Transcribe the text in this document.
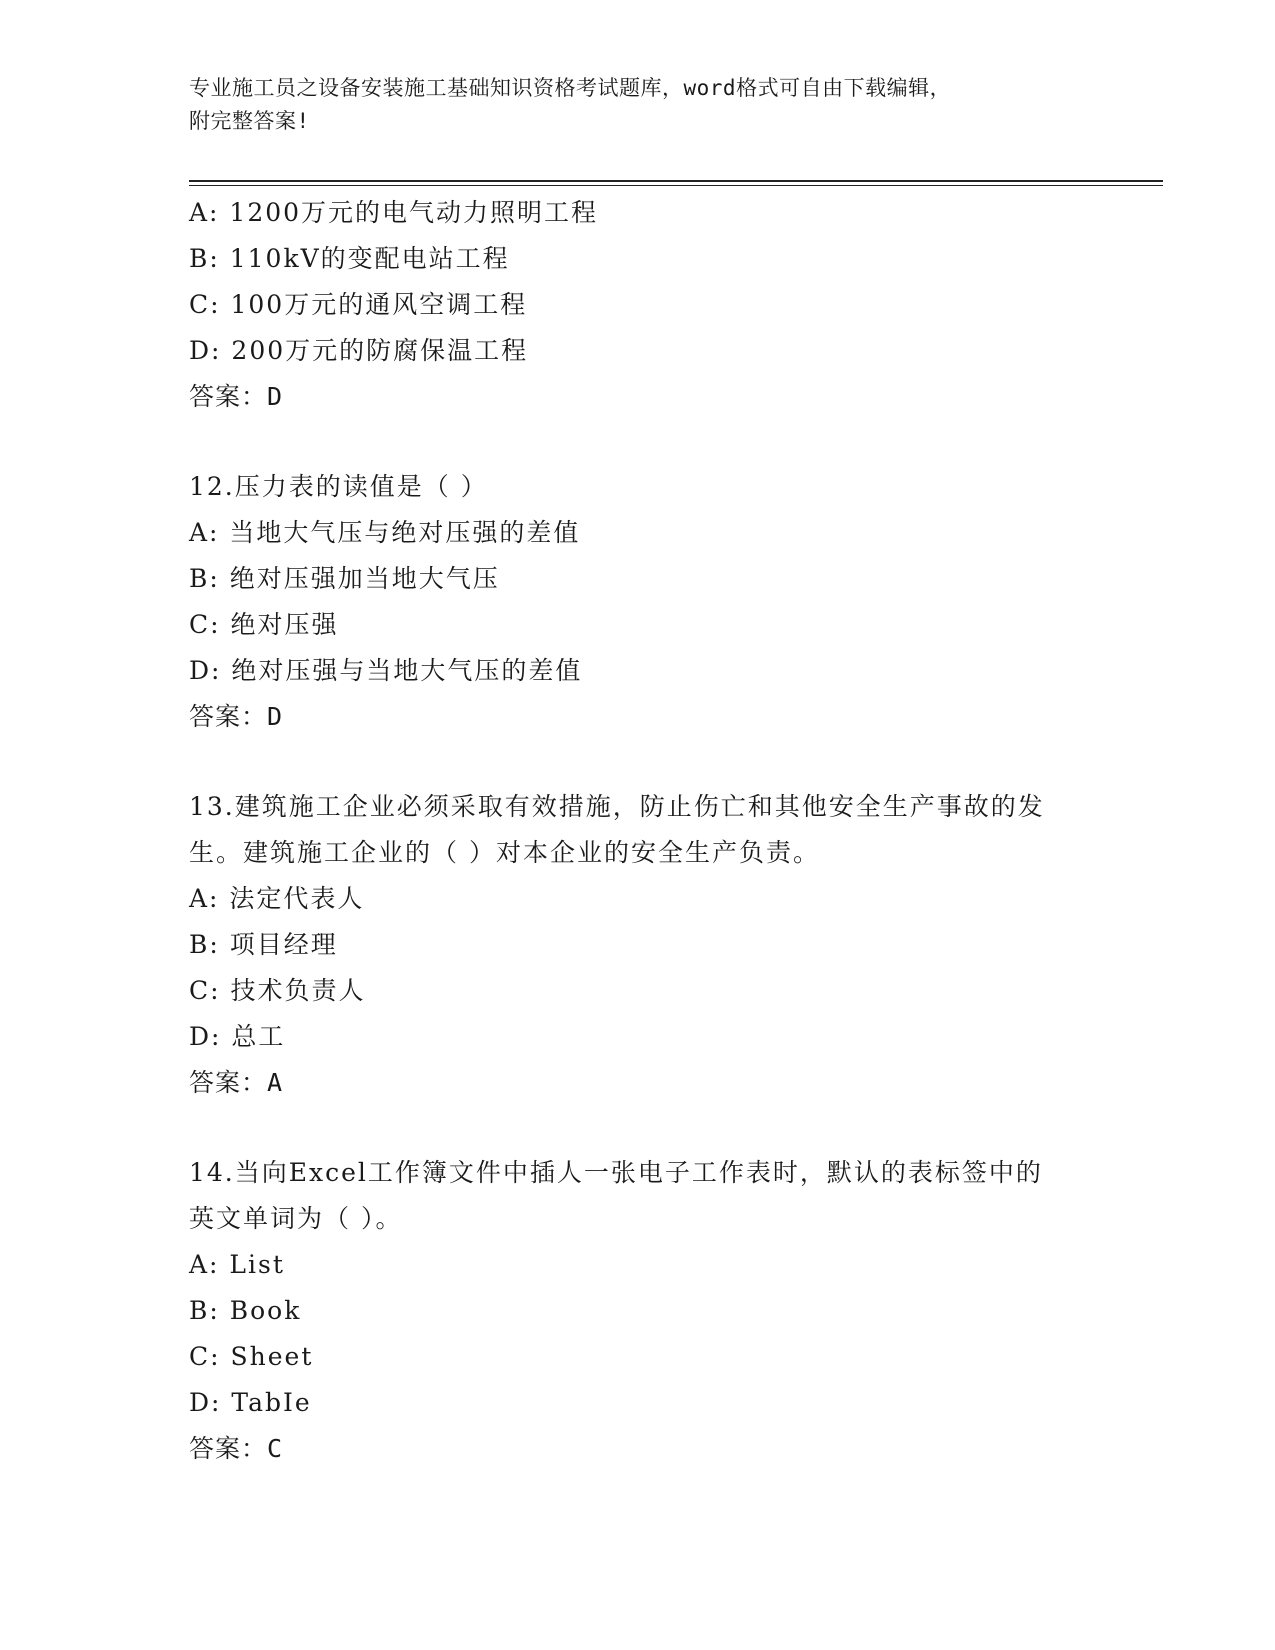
专业施工员之设备安装施工基础知识资格考试题库，word格式可自由下载编辑，
附完整答案!
A: 1200万元的电气动力照明工程
B: 110kV的变配电站工程
C: 100万元的通风空调工程
D: 200万元的防腐保温工程
答案：D
12.压力表的读值是（ ）
A: 当地大气压与绝对压强的差值
B: 绝对压强加当地大气压
C: 绝对压强
D: 绝对压强与当地大气压的差值
答案：D
13.建筑施工企业必须采取有效措施，防止伤亡和其他安全生产事故的发生。建筑施工企业的（ ）对本企业的安全生产负责。
A: 法定代表人
B: 项目经理
C: 技术负责人
D: 总工
答案：A
14.当向Excel工作簿文件中插人一张电子工作表时，默认的表标签中的英文单词为（ ）。
A: List
B: Book
C: Sheet
D: TabIe
答案：C
